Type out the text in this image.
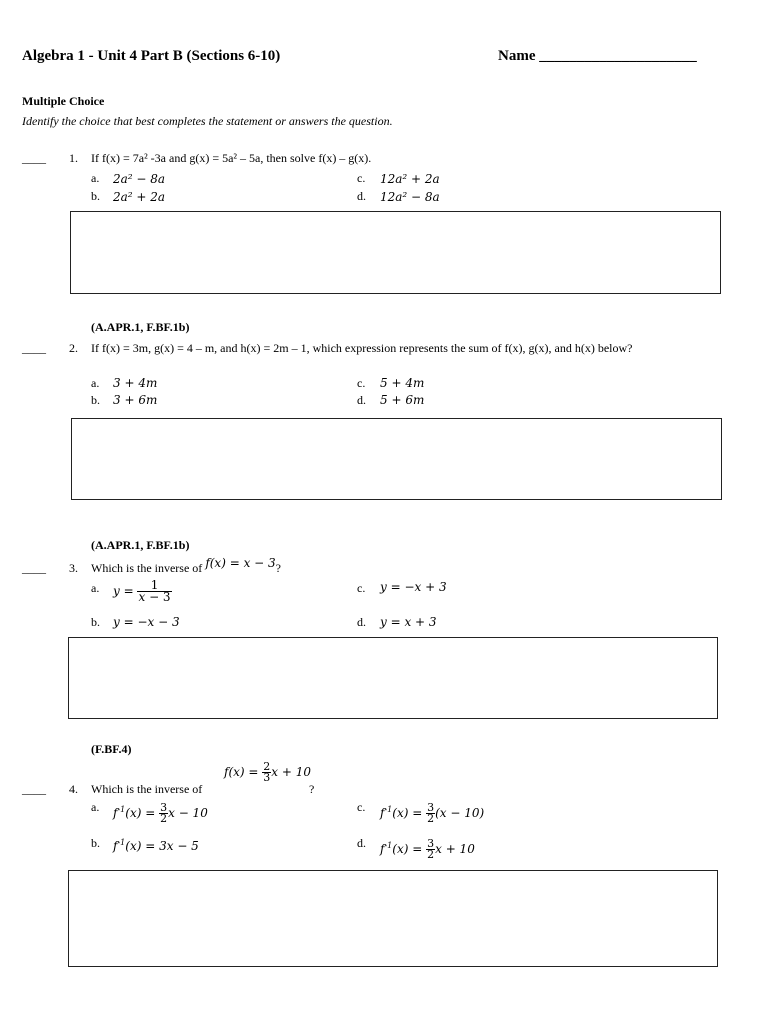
Algebra 1 - Unit 4 Part B (Sections 6-10)	Name _____________________
Multiple Choice
Identify the choice that best completes the statement or answers the question.
____ 1. If f(x) = 7a² -3a and g(x) = 5a² – 5a, then solve f(x) – g(x).
a. 2a² − 8a
b. 2a² + 2a
c. 12a² + 2a
d. 12a² − 8a
(A.APR.1, F.BF.1b)
____ 2. If f(x) = 3m, g(x) = 4 – m, and h(x) = 2m – 1, which expression represents the sum of f(x), g(x), and h(x) below?
a. 3 + 4m
b. 3 + 6m
c. 5 + 4m
d. 5 + 6m
(A.APR.1, F.BF.1b)
____ 3. Which is the inverse of f(x) = x − 3?
a. $y = \frac{1}{x - 3}$
b. y = −x − 3
c. y = −x + 3
d. y = x + 3
(F.BF.4)
____ 4. Which is the inverse of
$f(x) = \frac{2}{3}$ x + 10
?
a. $f^{-1}(x) = \frac{3}{2}$ x − 10
b. $f^{-1}(x) = 3x - 5$
c. $f^{-1}(x) = \frac{3}{2} (x - 10)$
d. $f^{-1}(x) = \frac{3}{2}$ x + 10
